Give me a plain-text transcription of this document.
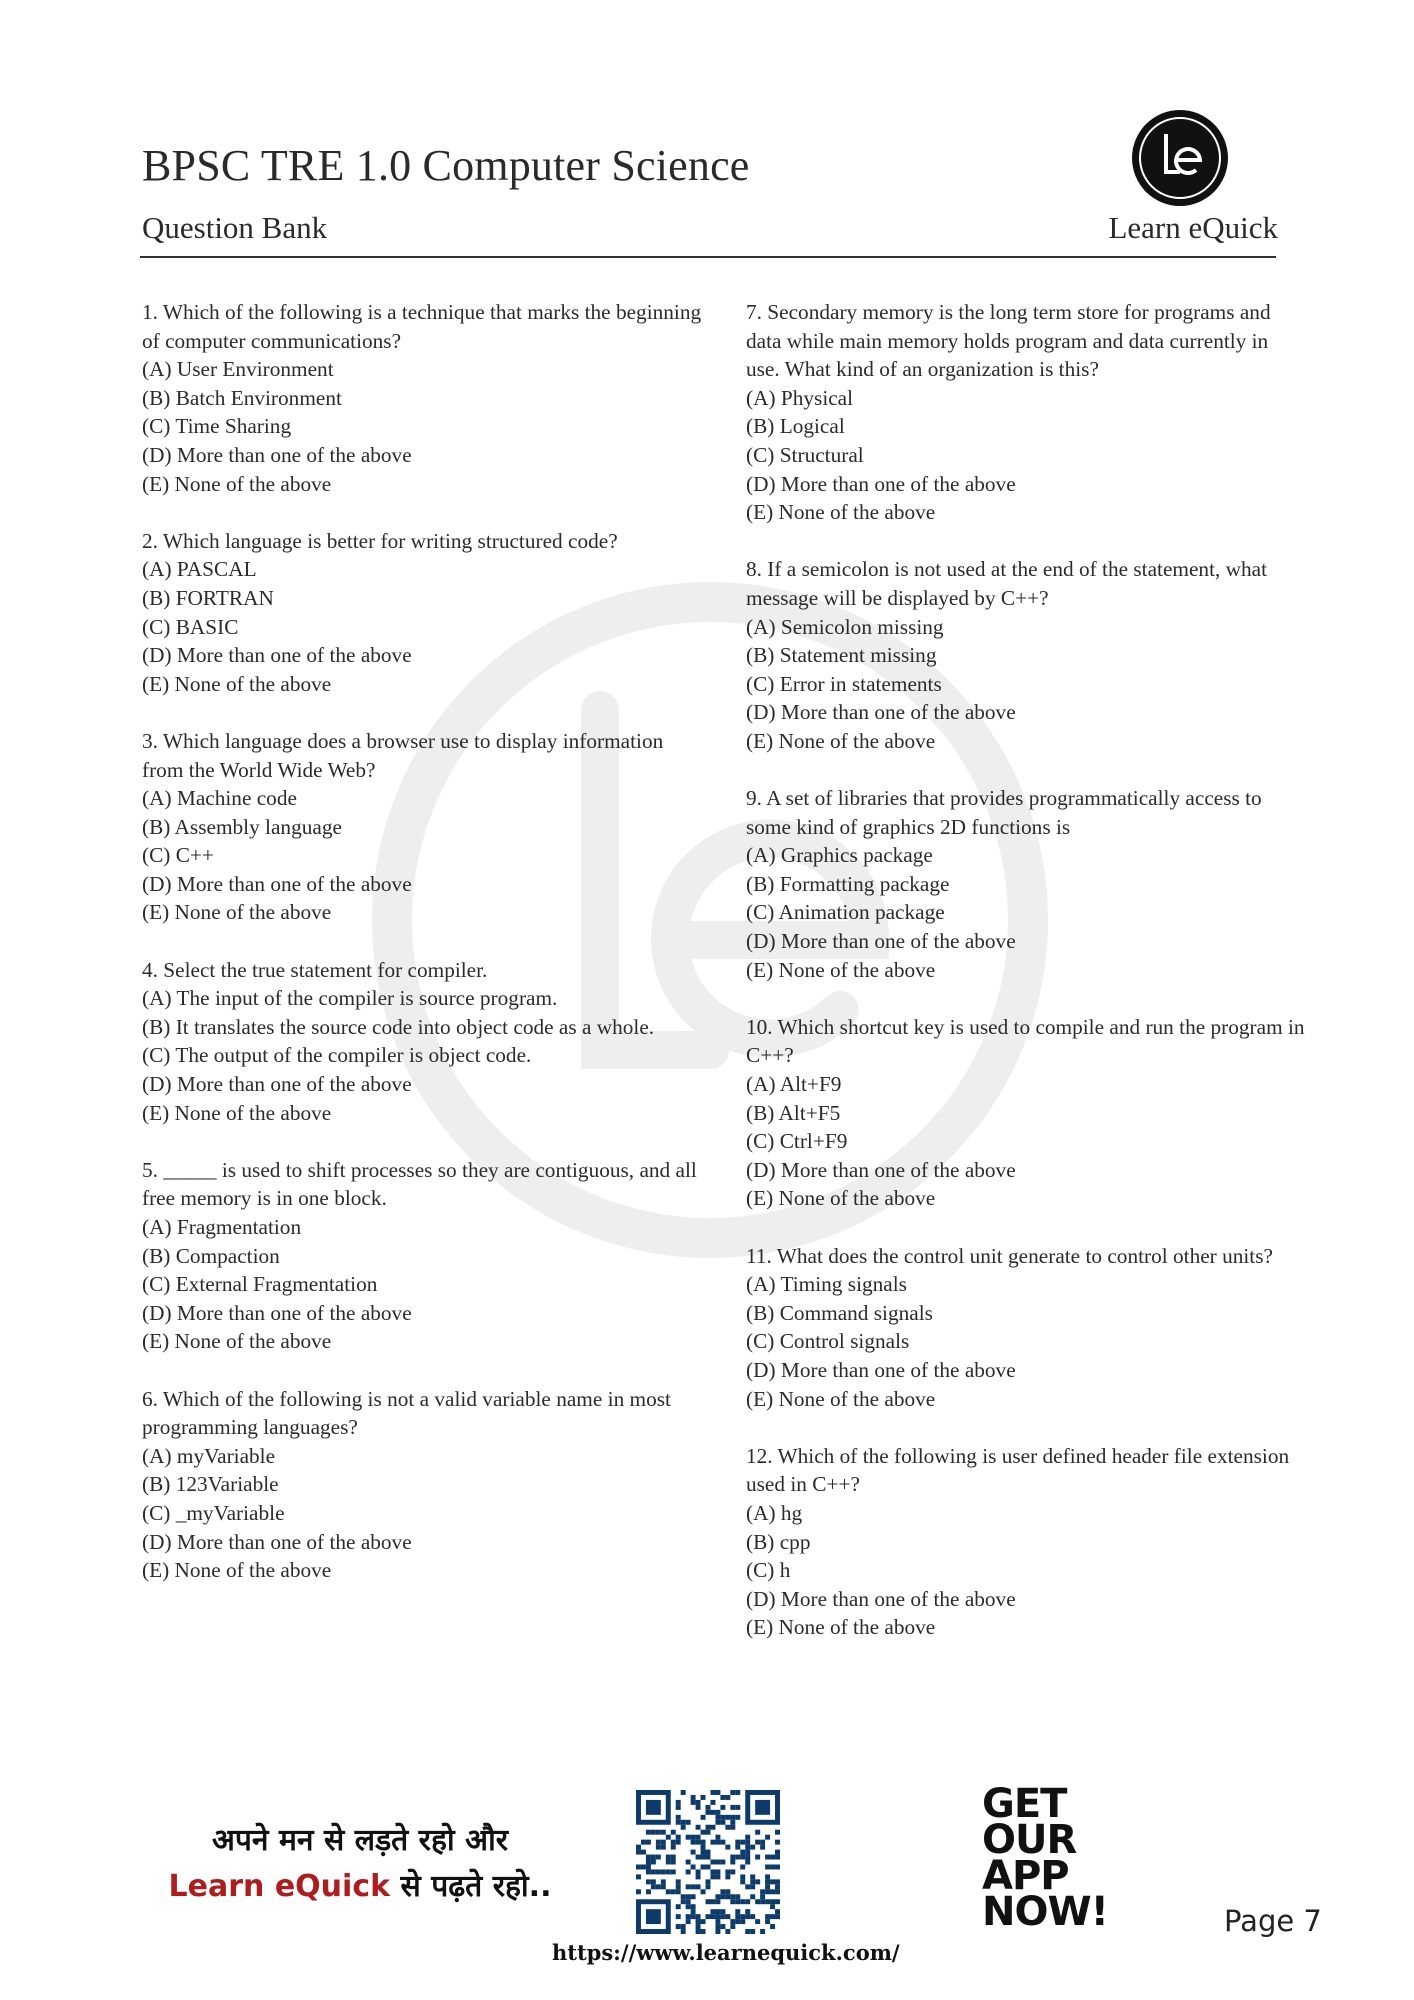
BPSC TRE 1.0 Computer Science
Question Bank	Learn eQuick
1. Which of the following is a technique that marks the beginning of computer communications?
(A) User Environment
(B) Batch Environment
(C) Time Sharing
(D) More than one of the above
(E) None of the above
2. Which language is better for writing structured code?
(A) PASCAL
(B) FORTRAN
(C) BASIC
(D) More than one of the above
(E) None of the above
3. Which language does a browser use to display information from the World Wide Web?
(A) Machine code
(B) Assembly language
(C) C++
(D) More than one of the above
(E) None of the above
4. Select the true statement for compiler.
(A) The input of the compiler is source program.
(B) It translates the source code into object code as a whole.
(C) The output of the compiler is object code.
(D) More than one of the above
(E) None of the above
5. _____ is used to shift processes so they are contiguous, and all free memory is in one block.
(A) Fragmentation
(B) Compaction
(C) External Fragmentation
(D) More than one of the above
(E) None of the above
6. Which of the following is not a valid variable name in most programming languages?
(A) myVariable
(B) 123Variable
(C) _myVariable
(D) More than one of the above
(E) None of the above
7. Secondary memory is the long term store for programs and data while main memory holds program and data currently in use. What kind of an organization is this?
(A) Physical
(B) Logical
(C) Structural
(D) More than one of the above
(E) None of the above
8. If a semicolon is not used at the end of the statement, what message will be displayed by C++?
(A) Semicolon missing
(B) Statement missing
(C) Error in statements
(D) More than one of the above
(E) None of the above
9. A set of libraries that provides programmatically access to some kind of graphics 2D functions is
(A) Graphics package
(B) Formatting package
(C) Animation package
(D) More than one of the above
(E) None of the above
10. Which shortcut key is used to compile and run the program in C++?
(A) Alt+F9
(B) Alt+F5
(C) Ctrl+F9
(D) More than one of the above
(E) None of the above
11. What does the control unit generate to control other units?
(A) Timing signals
(B) Command signals
(C) Control signals
(D) More than one of the above
(E) None of the above
12. Which of the following is user defined header file extension used in C++?
(A) hg
(B) cpp
(C) h
(D) More than one of the above
(E) None of the above
अपने मन से लड़ते रहो और
Learn eQuick से पढ़ते रहो..
GET
OUR
APP
NOW!
https://www.learnequick.com/
Page 7
